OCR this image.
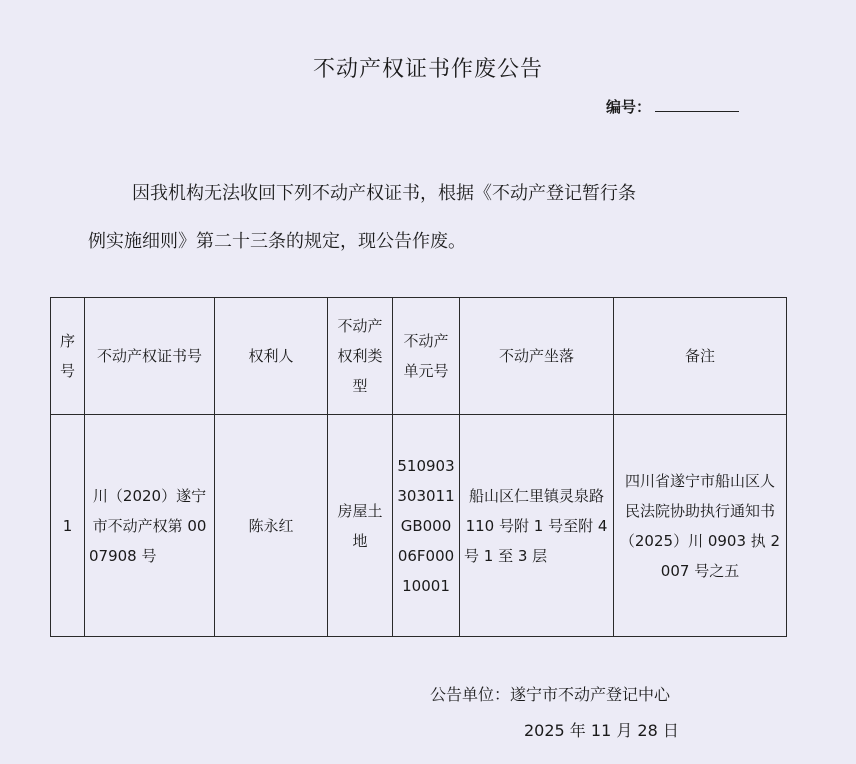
不动产权证书作废公告
编号：
因我机构无法收回下列不动产权证书，根据《不动产登记暂行条
例实施细则》第二十三条的规定，现公告作废。
序号	不动产权证书号	权利人	不动产权利类型	不动产单元号	不动产坐落	备注
1	川（2020）遂宁市不动产权第 0007908 号	陈永红	房屋土地	510903303011GB00006F00010001	船山区仁里镇灵泉路 110 号附 1 号至附 4 号 1 至 3 层	四川省遂宁市船山区人民法院协助执行通知书（2025）川 0903 执 2007 号之五
公告单位：遂宁市不动产登记中心
2025 年 11 月 28 日
